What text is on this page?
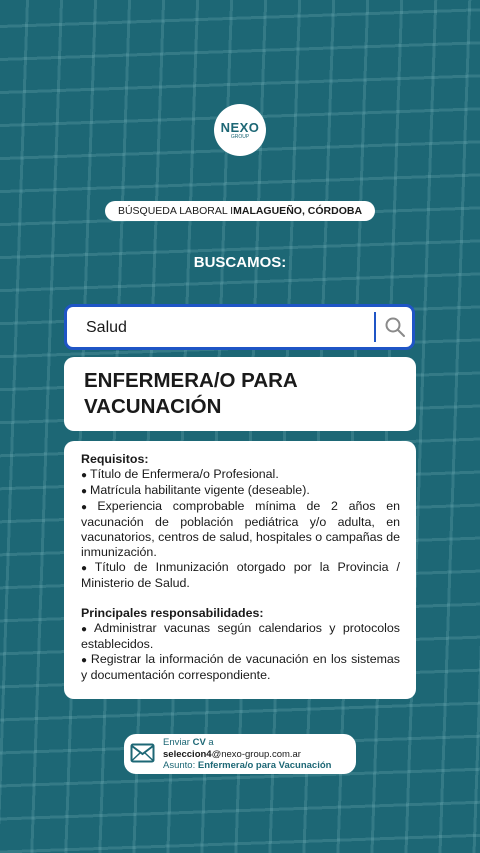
NEXO
GROUP
BÚSQUEDA LABORAL I MALAGUEÑO, CÓRDOBA
BUSCAMOS:
Salud
ENFERMERA/O PARA VACUNACIÓN
Requisitos:
● Título de Enfermera/o Profesional.
● Matrícula habilitante vigente (deseable).
● Experiencia comprobable mínima de 2 años en vacunación de población pediátrica y/o adulta, en vacunatorios, centros de salud, hospitales o campañas de inmunización.
● Título de Inmunización otorgado por la Provincia / Ministerio de Salud.
Principales responsabilidades:
● Administrar vacunas según calendarios y protocolos establecidos.
● Registrar la información de vacunación en los sistemas y documentación correspondiente.
Enviar CV a
seleccion4@nexo-group.com.ar
Asunto: Enfermera/o para Vacunación
